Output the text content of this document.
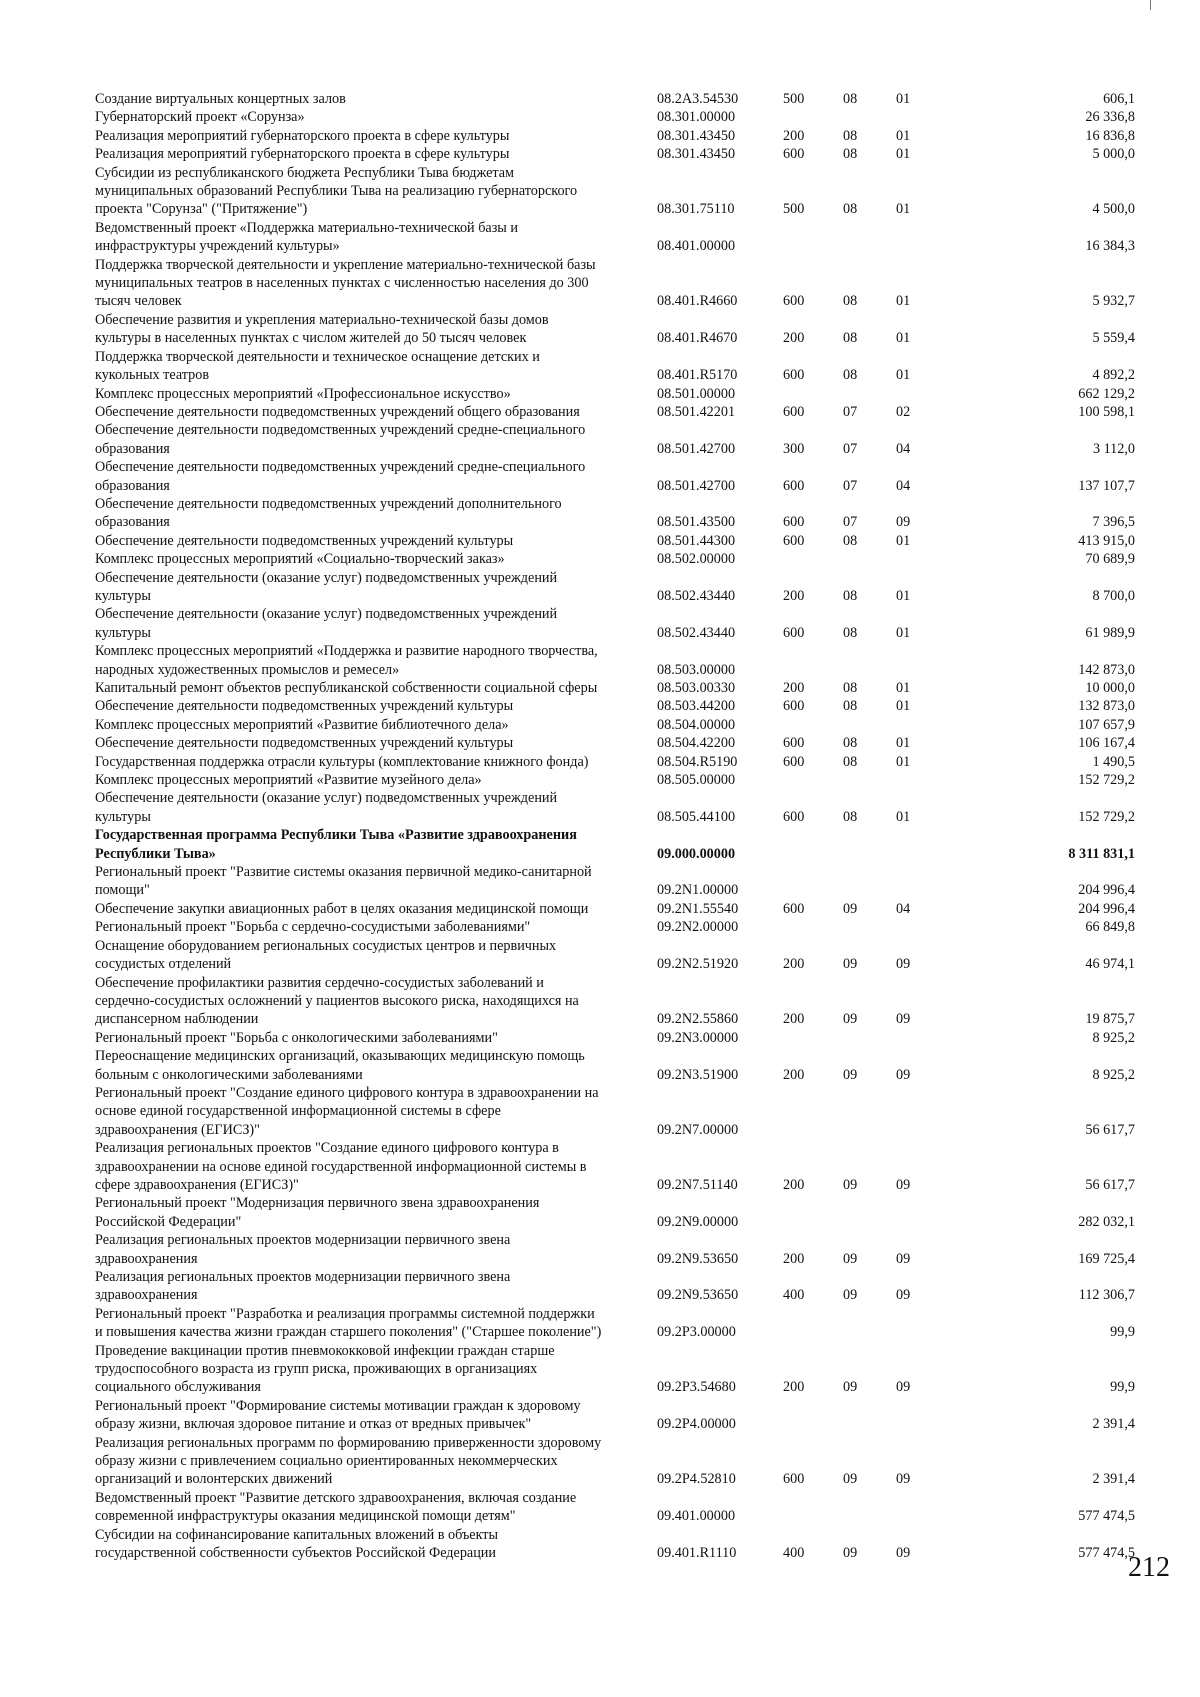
Создание виртуальных концертных залов	08.2А3.54530	500	08	01	606,1
Губернаторский проект «Сорунза»	08.301.00000	26 336,8
Реализация мероприятий губернаторского проекта в сфере культуры	08.301.43450	200	08	01	16 836,8
Реализация мероприятий губернаторского проекта в сфере культуры	08.301.43450	600	08	01	5 000,0
Субсидии из республиканского бюджета Республики Тыва бюджетам
муниципальных образований Республики Тыва на реализацию губернаторского
проекта "Сорунза" ("Притяжение")	08.301.75110	500	08	01	4 500,0
Ведомственный проект «Поддержка материально-технической базы и
инфраструктуры учреждений культуры»	08.401.00000	16 384,3
Поддержка творческой деятельности и укрепление материально-технической базы
муниципальных театров в населенных пунктах с численностью населения до 300
тысяч человек	08.401.R4660	600	08	01	5 932,7
Обеспечение развития и укрепления материально-технической базы домов
культуры в населенных пунктах с числом жителей до 50 тысяч человек	08.401.R4670	200	08	01	5 559,4
Поддержка творческой деятельности и техническое оснащение детских и
кукольных театров	08.401.R5170	600	08	01	4 892,2
Комплекс процессных мероприятий «Профессиональное искусство»	08.501.00000	662 129,2
Обеспечение деятельности подведомственных учреждений общего образования	08.501.42201	600	07	02	100 598,1
Обеспечение деятельности подведомственных учреждений средне-специального
образования	08.501.42700	300	07	04	3 112,0
Обеспечение деятельности подведомственных учреждений средне-специального
образования	08.501.42700	600	07	04	137 107,7
Обеспечение деятельности подведомственных учреждений дополнительного
образования	08.501.43500	600	07	09	7 396,5
Обеспечение деятельности подведомственных учреждений культуры	08.501.44300	600	08	01	413 915,0
Комплекс процессных мероприятий «Социально-творческий заказ»	08.502.00000	70 689,9
Обеспечение деятельности (оказание услуг) подведомственных учреждений
культуры	08.502.43440	200	08	01	8 700,0
Обеспечение деятельности (оказание услуг) подведомственных учреждений
культуры	08.502.43440	600	08	01	61 989,9
Комплекс процессных мероприятий «Поддержка и развитие народного творчества,
народных художественных промыслов и ремесел»	08.503.00000	142 873,0
Капитальный ремонт объектов республиканской собственности социальной сферы	08.503.00330	200	08	01	10 000,0
Обеспечение деятельности подведомственных учреждений культуры	08.503.44200	600	08	01	132 873,0
Комплекс процессных мероприятий «Развитие библиотечного дела»	08.504.00000	107 657,9
Обеспечение деятельности подведомственных учреждений культуры	08.504.42200	600	08	01	106 167,4
Государственная поддержка отрасли культуры (комплектование книжного фонда)	08.504.R5190	600	08	01	1 490,5
Комплекс процессных мероприятий «Развитие музейного дела»	08.505.00000	152 729,2
Обеспечение деятельности (оказание услуг) подведомственных учреждений
культуры	08.505.44100	600	08	01	152 729,2
Государственная программа Республики Тыва «Развитие здравоохранения
Республики Тыва»	09.000.00000	8 311 831,1
Региональный проект "Развитие системы оказания первичной медико-санитарной
помощи"	09.2N1.00000	204 996,4
Обеспечение закупки авиационных работ в целях оказания медицинской помощи	09.2N1.55540	600	09	04	204 996,4
Региональный проект "Борьба с сердечно-сосудистыми заболеваниями"	09.2N2.00000	66 849,8
Оснащение оборудованием региональных сосудистых центров и первичных
сосудистых отделений	09.2N2.51920	200	09	09	46 974,1
Обеспечение профилактики развития сердечно-сосудистых заболеваний и
сердечно-сосудистых осложнений у пациентов высокого риска, находящихся на
диспансерном наблюдении	09.2N2.55860	200	09	09	19 875,7
Региональный проект "Борьба с онкологическими заболеваниями"	09.2N3.00000	8 925,2
Переоснащение медицинских организаций, оказывающих медицинскую помощь
больным с онкологическими заболеваниями	09.2N3.51900	200	09	09	8 925,2
Региональный проект "Создание единого цифрового контура в здравоохранении на
основе единой государственной информационной системы в сфере
здравоохранения (ЕГИСЗ)"	09.2N7.00000	56 617,7
Реализация региональных проектов "Создание единого цифрового контура в
здравоохранении на основе единой государственной информационной системы в
сфере здравоохранения (ЕГИСЗ)"	09.2N7.51140	200	09	09	56 617,7
Региональный проект "Модернизация первичного звена здравоохранения
Российской Федерации"	09.2N9.00000	282 032,1
Реализация региональных проектов модернизации первичного звена
здравоохранения	09.2N9.53650	200	09	09	169 725,4
Реализация региональных проектов модернизации первичного звена
здравоохранения	09.2N9.53650	400	09	09	112 306,7
Региональный проект "Разработка и реализация программы системной поддержки
и повышения качества жизни граждан старшего поколения" ("Старшее поколение")	09.2P3.00000	99,9
Проведение вакцинации против пневмококковой инфекции граждан старше
трудоспособного возраста из групп риска, проживающих в организациях
социального обслуживания	09.2P3.54680	200	09	09	99,9
Региональный проект "Формирование системы мотивации граждан к здоровому
образу жизни, включая здоровое питание и отказ от вредных привычек"	09.2P4.00000	2 391,4
Реализация региональных программ по формированию приверженности здоровому
образу жизни с привлечением социально ориентированных некоммерческих
организаций и волонтерских движений	09.2P4.52810	600	09	09	2 391,4
Ведомственный проект "Развитие детского здравоохранения, включая создание
современной инфраструктуры оказания медицинской помощи детям"	09.401.00000	577 474,5
Субсидии на софинансирование капитальных вложений в объекты
государственной собственности субъектов Российской Федерации	09.401.R1110	400	09	09	577 474,5
212
